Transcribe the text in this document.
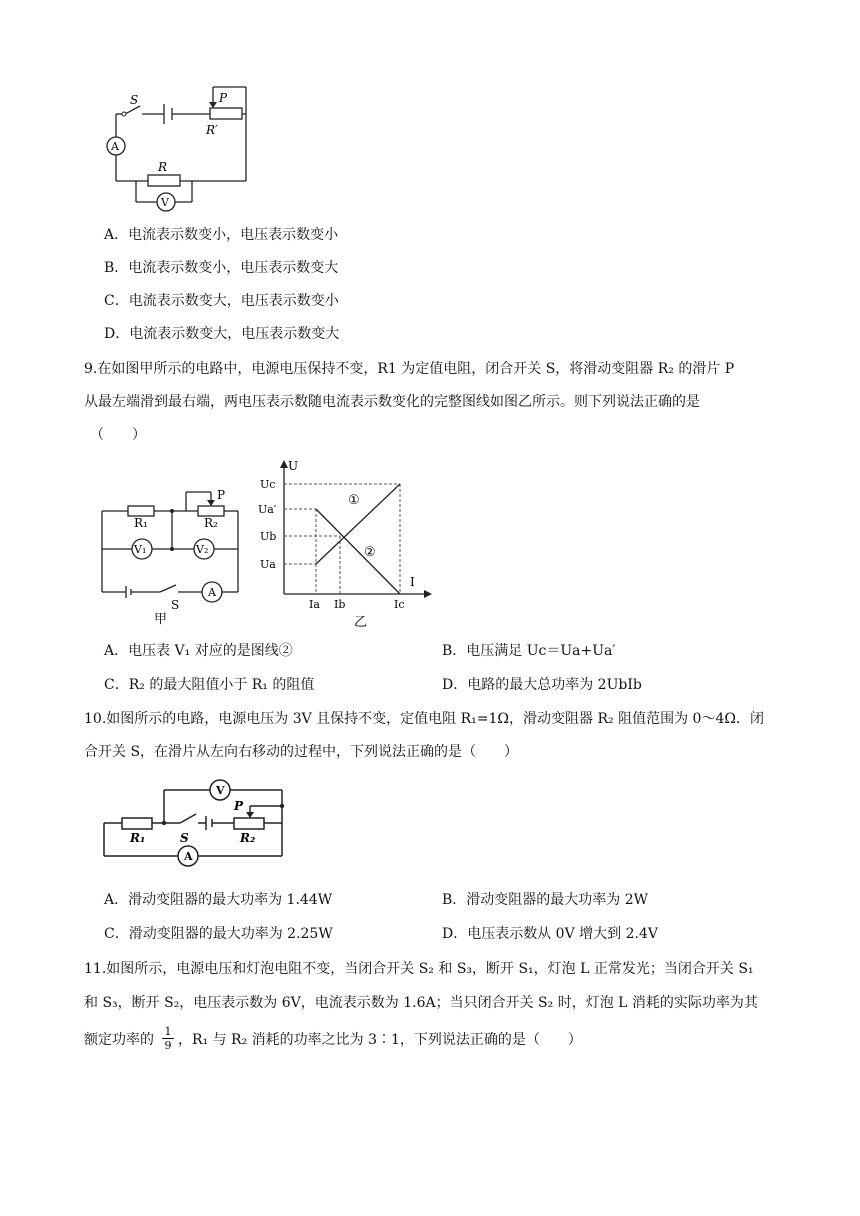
S	P
R′
R
A
V
A．电流表示数变小，电压表示数变小
B．电流表示数变小，电压表示数变大
C．电流表示数变大，电压表示数变小
D．电流表示数变大，电压表示数变大
9.在如图甲所示的电路中，电源电压保持不变，R1 为定值电阻，闭合开关 S，将滑动变阻器 R₂ 的滑片 P
从最左端滑到最右端，两电压表示数随电流表示数变化的完整图线如图乙所示。则下列说法正确的是
（　　）
R₁	R₂
P
V₁	V₂
A
S
甲
U
I
Uc
Ua′
Ub
Ua
Ia Ib	Ic
①
②
乙
A．电压表 V₁ 对应的是图线②	B．电压满足 Uc＝Ua+Ua′
C．R₂ 的最大阻值小于 R₁ 的阻值	D．电路的最大总功率为 2UbIb
10.如图所示的电路，电源电压为 3V 且保持不变，定值电阻 R₁=1Ω，滑动变阻器 R₂ 阻值范围为 0～4Ω．闭
合开关 S，在滑片从左向右移动的过程中，下列说法正确的是（　　）
V
P
R₁	S	R₂
A
A．滑动变阻器的最大功率为 1.44W	B．滑动变阻器的最大功率为 2W
C．滑动变阻器的最大功率为 2.25W	D．电压表示数从 0V 增大到 2.4V
11.如图所示，电源电压和灯泡电阻不变，当闭合开关 S₂ 和 S₃，断开 S₁，灯泡 L 正常发光；当闭合开关 S₁
和 S₃，断开 S₂，电压表示数为 6V，电流表示数为 1.6A；当只闭合开关 S₂ 时，灯泡 L 消耗的实际功率为其
额定功率的
1
9 ，R₁ 与 R₂ 消耗的功率之比为 3∶1，下列说法正确的是（　　）
